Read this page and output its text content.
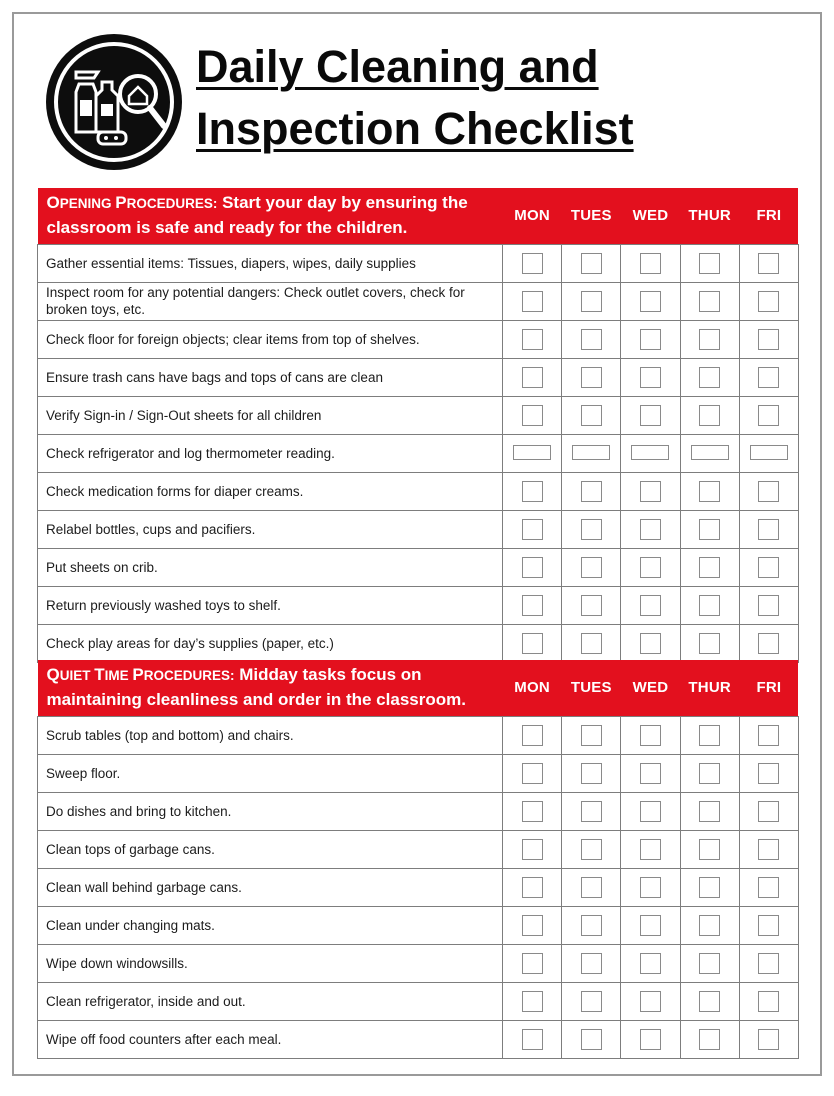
Daily Cleaning and
Inspection Checklist
OPENING PROCEDURES: Start your day by ensuring the classroom is safe and ready for the children.	MON	TUES	WED	THUR	FRI
Gather essential items: Tissues, diapers, wipes, daily supplies					
Inspect room for any potential dangers: Check outlet covers, check for broken toys, etc.					
Check floor for foreign objects; clear items from top of shelves.					
Ensure trash cans have bags and tops of cans are clean					
Verify Sign-in / Sign-Out sheets for all children					
Check refrigerator and log thermometer reading.					
Check medication forms for diaper creams.					
Relabel bottles, cups and pacifiers.					
Put sheets on crib.					
Return previously washed toys to shelf.					
Check play areas for day’s supplies (paper, etc.)					
QUIET TIME PROCEDURES: Midday tasks focus on maintaining cleanliness and order in the classroom.	MON	TUES	WED	THUR	FRI
Scrub tables (top and bottom) and chairs.					
Sweep floor.					
Do dishes and bring to kitchen.					
Clean tops of garbage cans.					
Clean wall behind garbage cans.					
Clean under changing mats.					
Wipe down windowsills.					
Clean refrigerator, inside and out.					
Wipe off food counters after each meal.					
